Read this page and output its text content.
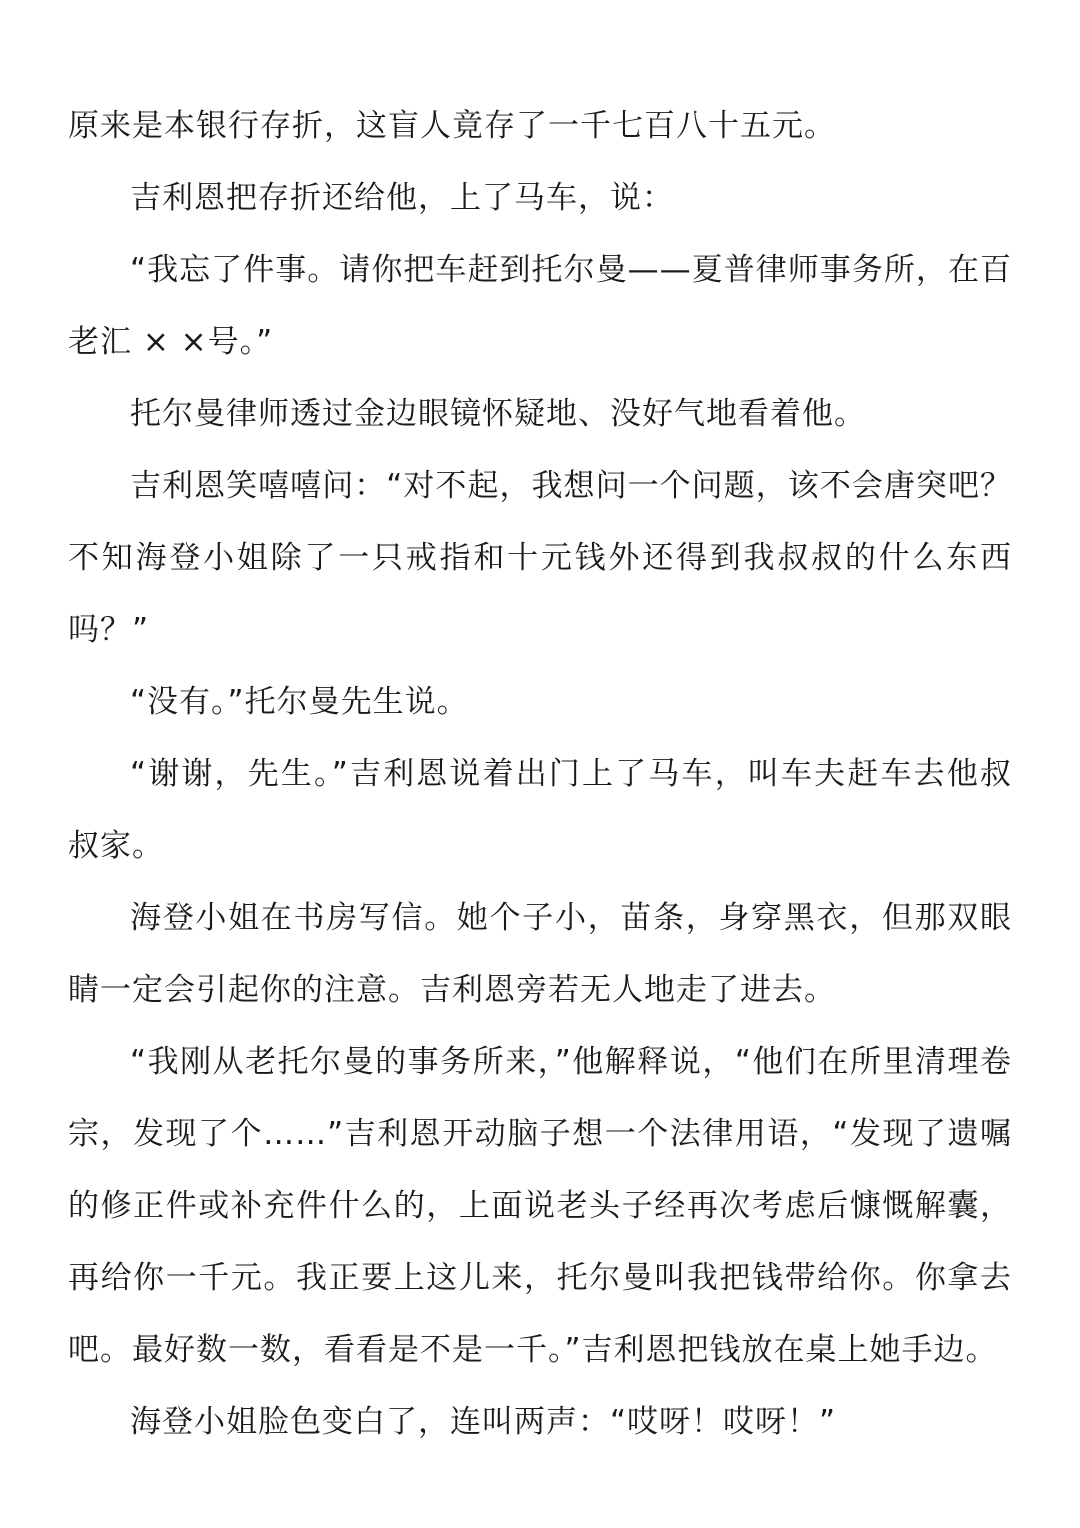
原来是本银行存折，这盲人竟存了一千七百八十五元。

吉利恩把存折还给他，上了马车，说：

“我忘了件事。请你把车赶到托尔曼——夏普律师事务所，在百老汇 × ×号。”

托尔曼律师透过金边眼镜怀疑地、没好气地看着他。

吉利恩笑嘻嘻问：“对不起，我想问一个问题，该不会唐突吧？不知海登小姐除了一只戒指和十元钱外还得到我叔叔的什么东西吗？”

“没有。”托尔曼先生说。

“谢谢，先生。”吉利恩说着出门上了马车，叫车夫赶车去他叔叔家。

海登小姐在书房写信。她个子小，苗条，身穿黑衣，但那双眼睛一定会引起你的注意。吉利恩旁若无人地走了进去。

“我刚从老托尔曼的事务所来，”他解释说，“他们在所里清理卷宗，发现了个……”吉利恩开动脑子想一个法律用语，“发现了遗嘱的修正件或补充件什么的，上面说老头子经再次考虑后慷慨解囊，再给你一千元。我正要上这儿来，托尔曼叫我把钱带给你。你拿去吧。最好数一数，看看是不是一千。”吉利恩把钱放在桌上她手边。

海登小姐脸色变白了，连叫两声：“哎呀！哎呀！”
